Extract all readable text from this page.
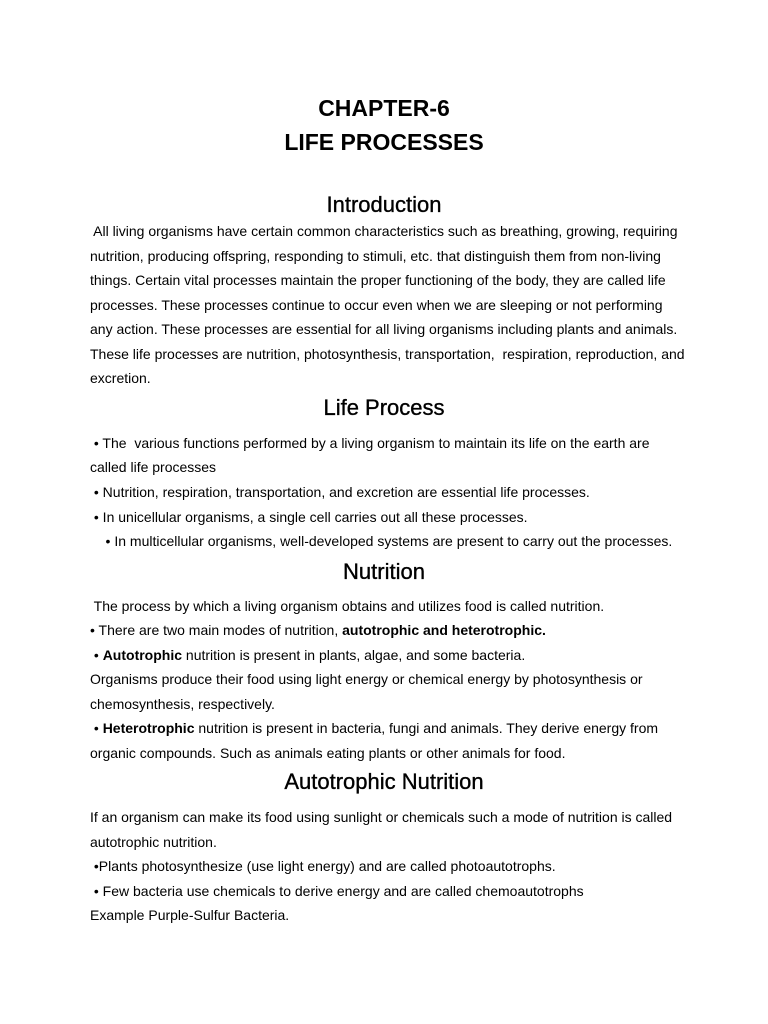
CHAPTER-6
LIFE PROCESSES
Introduction
All living organisms have certain common characteristics such as breathing, growing, requiring
nutrition, producing offspring, responding to stimuli, etc. that distinguish them from non-living
things. Certain vital processes maintain the proper functioning of the body, they are called life
processes. These processes continue to occur even when we are sleeping or not performing
any action. These processes are essential for all living organisms including plants and animals.
These life processes are nutrition, photosynthesis, transportation,  respiration, reproduction, and
excretion.
Life Process
• The  various functions performed by a living organism to maintain its life on the earth are
called life processes
• Nutrition, respiration, transportation, and excretion are essential life processes.
• In unicellular organisms, a single cell carries out all these processes.
• In multicellular organisms, well-developed systems are present to carry out the processes.
Nutrition
The process by which a living organism obtains and utilizes food is called nutrition.
• There are two main modes of nutrition, autotrophic and heterotrophic.
• Autotrophic nutrition is present in plants, algae, and some bacteria.
Organisms produce their food using light energy or chemical energy by photosynthesis or
chemosynthesis, respectively.
• Heterotrophic nutrition is present in bacteria, fungi and animals. They derive energy from
organic compounds. Such as animals eating plants or other animals for food.
Autotrophic Nutrition
If an organism can make its food using sunlight or chemicals such a mode of nutrition is called
autotrophic nutrition.
•Plants photosynthesize (use light energy) and are called photoautotrophs.
• Few bacteria use chemicals to derive energy and are called chemoautotrophs
Example Purple-Sulfur Bacteria.
